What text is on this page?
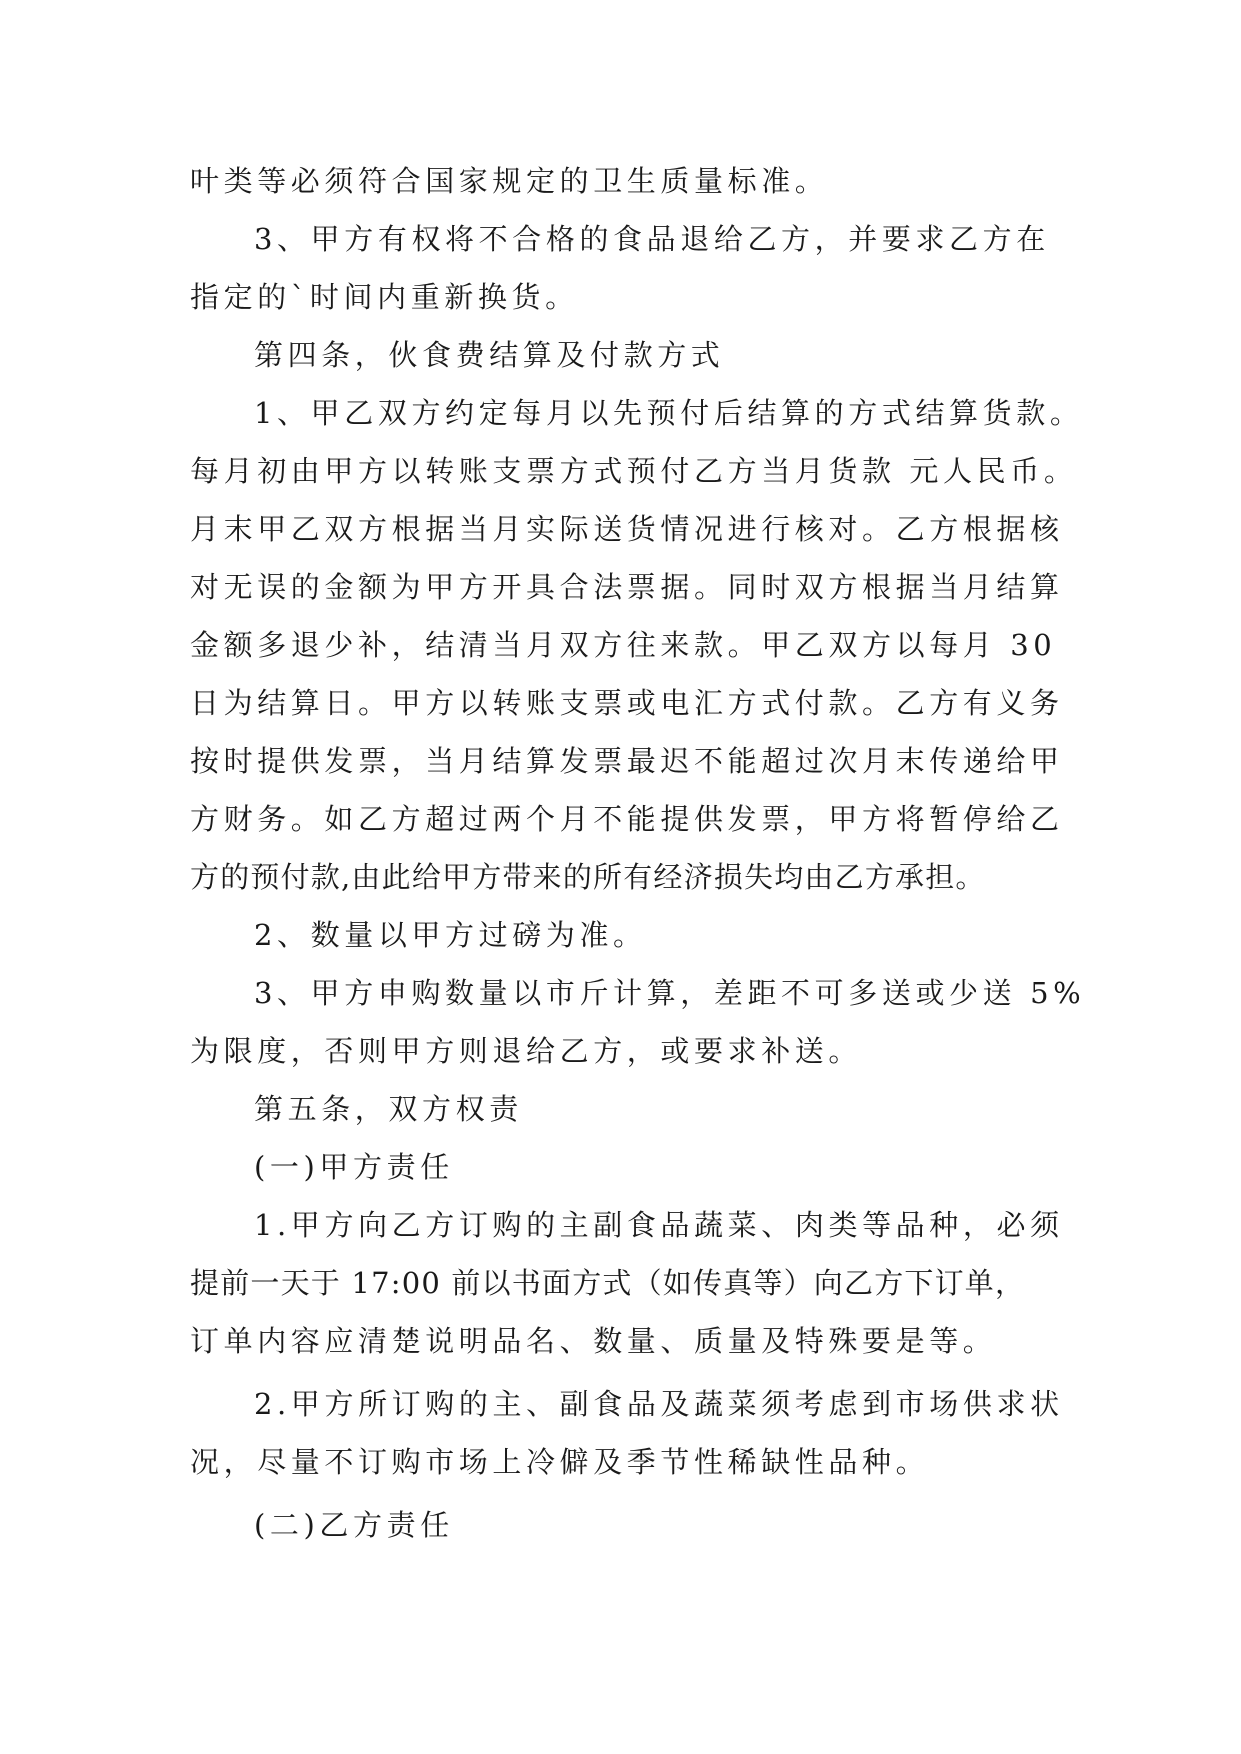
叶类等必须符合国家规定的卫生质量标准。
3、甲方有权将不合格的食品退给乙方，并要求乙方在
指定的`时间内重新换货。
第四条，伙食费结算及付款方式
1、甲乙双方约定每月以先预付后结算的方式结算货款。
每月初由甲方以转账支票方式预付乙方当月货款 元人民币。
月末甲乙双方根据当月实际送货情况进行核对。乙方根据核
对无误的金额为甲方开具合法票据。同时双方根据当月结算
金额多退少补，结清当月双方往来款。甲乙双方以每月 30
日为结算日。甲方以转账支票或电汇方式付款。乙方有义务
按时提供发票，当月结算发票最迟不能超过次月末传递给甲
方财务。如乙方超过两个月不能提供发票，甲方将暂停给乙
方的预付款,由此给甲方带来的所有经济损失均由乙方承担。
2、数量以甲方过磅为准。
3、甲方申购数量以市斤计算，差距不可多送或少送 5%
为限度，否则甲方则退给乙方，或要求补送。
第五条，双方权责
(一)甲方责任
1.甲方向乙方订购的主副食品蔬菜、肉类等品种，必须
提前一天于 17:00 前以书面方式（如传真等）向乙方下订单，
订单内容应清楚说明品名、数量、质量及特殊要是等。
2.甲方所订购的主、副食品及蔬菜须考虑到市场供求状
况，尽量不订购市场上冷僻及季节性稀缺性品种。
(二)乙方责任
